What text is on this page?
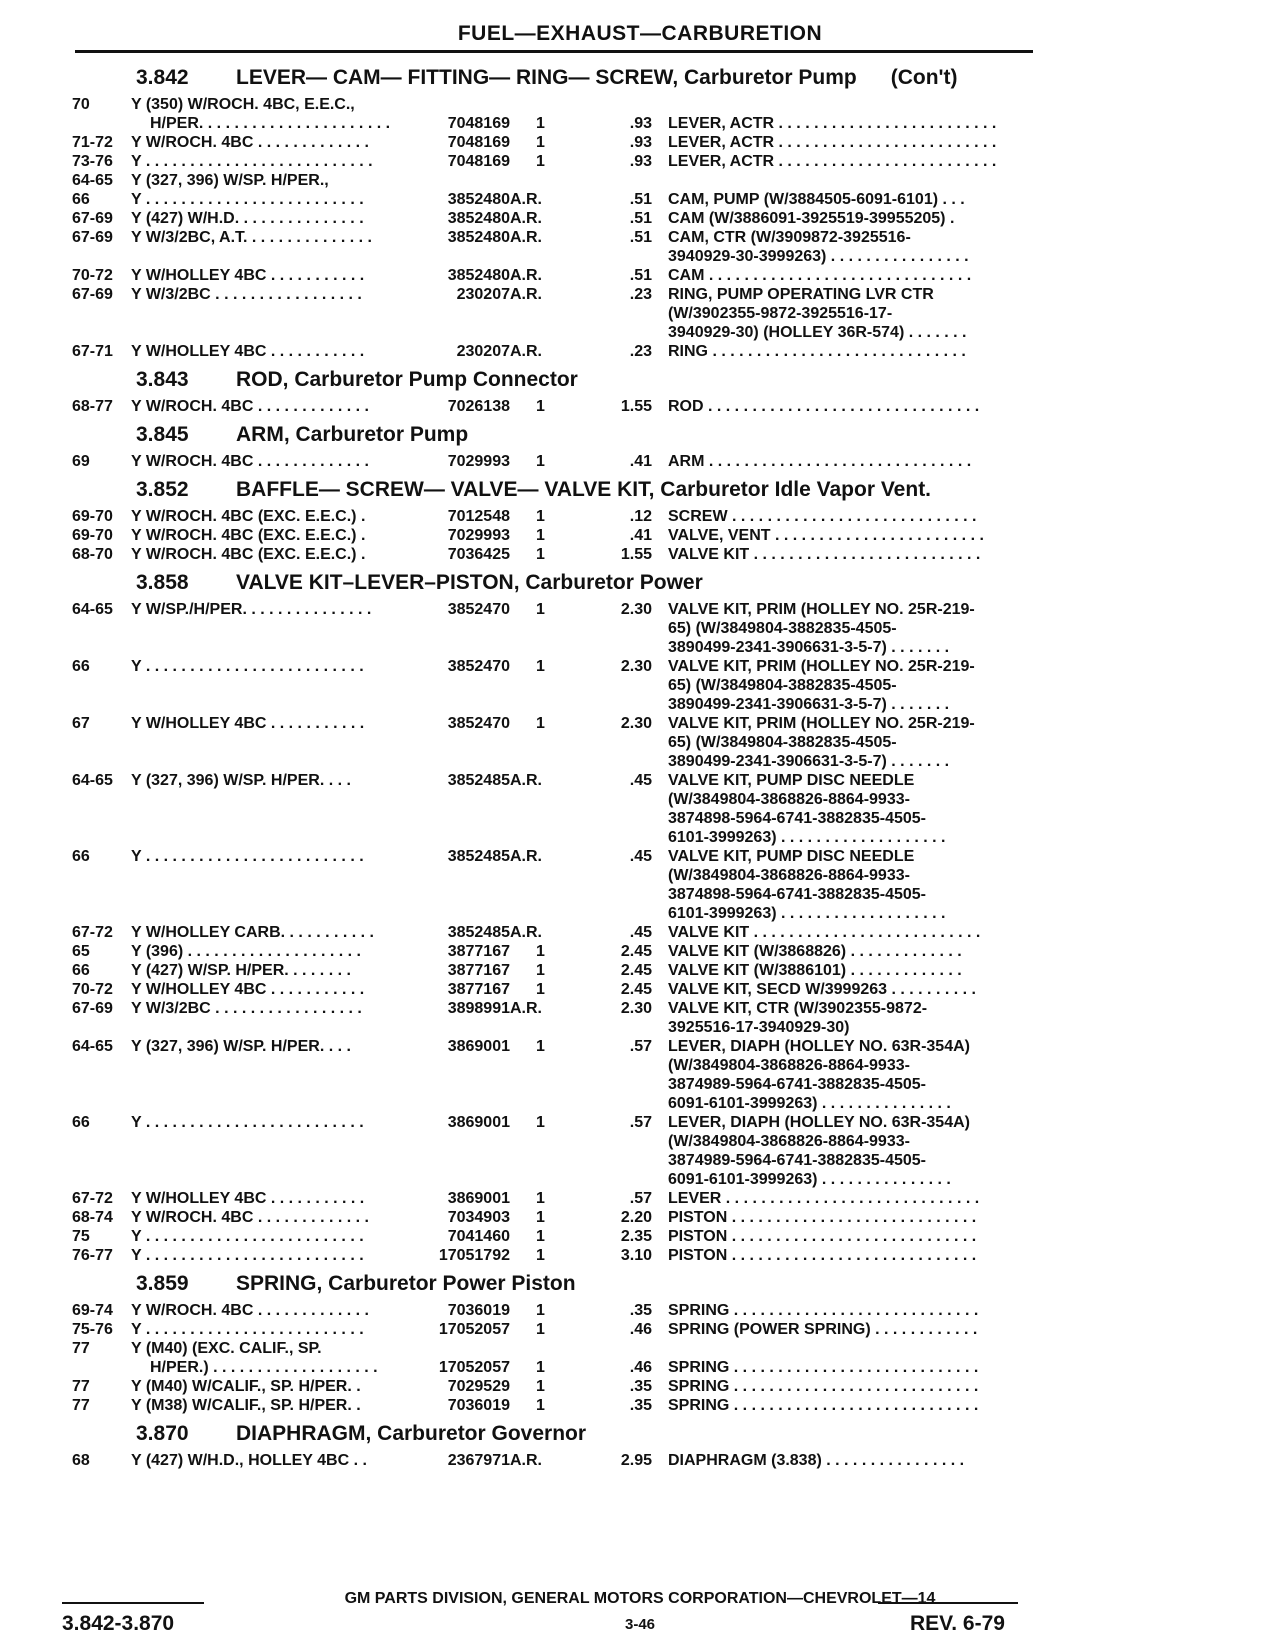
FUEL—EXHAUST—CARBURETION
3.842 LEVER— CAM— FITTING— RING— SCREW, Carburetor Pump (Con't)
70	Y (350) W/ROCH. 4BC, E.E.C.,
H/PER. . . . . . . . . . . . . . . . . . . . . .	7048169 1	.93 LEVER, ACTR . . . . . . . . . . . . . . . . . . . . . . . . .
71-72 Y W/ROCH. 4BC . . . . . . . . . . . . .	7048169 1	.93 LEVER, ACTR . . . . . . . . . . . . . . . . . . . . . . . . .
73-76 Y . . . . . . . . . . . . . . . . . . . . . . . . . .	7048169 1	.93 LEVER, ACTR . . . . . . . . . . . . . . . . . . . . . . . . .
64-65 Y (327, 396) W/SP. H/PER.,
66	Y . . . . . . . . . . . . . . . . . . . . . . . . .	3852480 A.R.	.51 CAM, PUMP (W/3884505-6091-6101) . . .
67-69 Y (427) W/H.D. . . . . . . . . . . . . . .	3852480 A.R.	.51 CAM (W/3886091-3925519-39955205) .
67-69 Y W/3/2BC, A.T. . . . . . . . . . . . . . .	3852480 A.R.	.51 CAM, CTR (W/3909872-3925516-
3940929-30-3999263) . . . . . . . . . . . . . . . .
70-72 Y W/HOLLEY 4BC . . . . . . . . . . .	3852480 A.R.	.51 CAM . . . . . . . . . . . . . . . . . . . . . . . . . . . . . .
67-69 Y W/3/2BC . . . . . . . . . . . . . . . . .	230207 A.R.	.23 RING, PUMP OPERATING LVR CTR
(W/3902355-9872-3925516-17-
3940929-30) (HOLLEY 36R-574) . . . . . . .
67-71 Y W/HOLLEY 4BC . . . . . . . . . . .	230207 A.R.	.23 RING . . . . . . . . . . . . . . . . . . . . . . . . . . . . .
3.843 ROD, Carburetor Pump Connector
68-77 Y W/ROCH. 4BC . . . . . . . . . . . . .	7026138 1	1.55 ROD . . . . . . . . . . . . . . . . . . . . . . . . . . . . . . .
3.845 ARM, Carburetor Pump
69	Y W/ROCH. 4BC . . . . . . . . . . . . .	7029993 1	.41 ARM . . . . . . . . . . . . . . . . . . . . . . . . . . . . . .
3.852 BAFFLE— SCREW— VALVE— VALVE KIT, Carburetor Idle Vapor Vent.
69-70 Y W/ROCH. 4BC (EXC. E.E.C.) .	7012548 1	.12 SCREW . . . . . . . . . . . . . . . . . . . . . . . . . . . .
69-70 Y W/ROCH. 4BC (EXC. E.E.C.) .	7029993 1	.41 VALVE, VENT . . . . . . . . . . . . . . . . . . . . . . . .
68-70 Y W/ROCH. 4BC (EXC. E.E.C.) .	7036425 1	1.55 VALVE KIT . . . . . . . . . . . . . . . . . . . . . . . . . .
3.858 VALVE KIT–LEVER–PISTON, Carburetor Power
64-65 Y W/SP./H/PER. . . . . . . . . . . . . . .	3852470 1	2.30 VALVE KIT, PRIM (HOLLEY NO. 25R-219-
65) (W/3849804-3882835-4505-
3890499-2341-3906631-3-5-7) . . . . . . .
66	Y . . . . . . . . . . . . . . . . . . . . . . . . .	3852470 1	2.30 VALVE KIT, PRIM (HOLLEY NO. 25R-219-
65) (W/3849804-3882835-4505-
3890499-2341-3906631-3-5-7) . . . . . . .
67	Y W/HOLLEY 4BC . . . . . . . . . . .	3852470 1	2.30 VALVE KIT, PRIM (HOLLEY NO. 25R-219-
65) (W/3849804-3882835-4505-
3890499-2341-3906631-3-5-7) . . . . . . .
64-65 Y (327, 396) W/SP. H/PER. . . .	3852485 A.R.	.45 VALVE KIT, PUMP DISC NEEDLE
(W/3849804-3868826-8864-9933-
3874898-5964-6741-3882835-4505-
6101-3999263) . . . . . . . . . . . . . . . . . . .
66	Y . . . . . . . . . . . . . . . . . . . . . . . . .	3852485 A.R.	.45 VALVE KIT, PUMP DISC NEEDLE
(W/3849804-3868826-8864-9933-
3874898-5964-6741-3882835-4505-
6101-3999263) . . . . . . . . . . . . . . . . . . .
67-72 Y W/HOLLEY CARB. . . . . . . . . . .	3852485 A.R.	.45 VALVE KIT . . . . . . . . . . . . . . . . . . . . . . . . . .
65	Y (396) . . . . . . . . . . . . . . . . . . . .	3877167 1	2.45 VALVE KIT (W/3868826) . . . . . . . . . . . . .
66	Y (427) W/SP. H/PER. . . . . . . .	3877167 1	2.45 VALVE KIT (W/3886101) . . . . . . . . . . . . .
70-72 Y W/HOLLEY 4BC . . . . . . . . . . .	3877167 1	2.45 VALVE KIT, SECD W/3999263 . . . . . . . . . .
67-69 Y W/3/2BC . . . . . . . . . . . . . . . . .	3898991 A.R.	2.30 VALVE KIT, CTR (W/3902355-9872-
3925516-17-3940929-30)
64-65 Y (327, 396) W/SP. H/PER. . . .	3869001 1	.57 LEVER, DIAPH (HOLLEY NO. 63R-354A)
(W/3849804-3868826-8864-9933-
3874989-5964-6741-3882835-4505-
6091-6101-3999263) . . . . . . . . . . . . . . .
66	Y . . . . . . . . . . . . . . . . . . . . . . . . .	3869001 1	.57 LEVER, DIAPH (HOLLEY NO. 63R-354A)
(W/3849804-3868826-8864-9933-
3874989-5964-6741-3882835-4505-
6091-6101-3999263) . . . . . . . . . . . . . . .
67-72 Y W/HOLLEY 4BC . . . . . . . . . . .	3869001 1	.57 LEVER . . . . . . . . . . . . . . . . . . . . . . . . . . . . .
68-74 Y W/ROCH. 4BC . . . . . . . . . . . . .	7034903 1	2.20 PISTON . . . . . . . . . . . . . . . . . . . . . . . . . . . .
75	Y . . . . . . . . . . . . . . . . . . . . . . . . .	7041460 1	2.35 PISTON . . . . . . . . . . . . . . . . . . . . . . . . . . . .
76-77 Y . . . . . . . . . . . . . . . . . . . . . . . . .	17051792 1	3.10 PISTON . . . . . . . . . . . . . . . . . . . . . . . . . . . .
3.859 SPRING, Carburetor Power Piston
69-74 Y W/ROCH. 4BC . . . . . . . . . . . . .	7036019 1	.35 SPRING . . . . . . . . . . . . . . . . . . . . . . . . . . . .
75-76 Y . . . . . . . . . . . . . . . . . . . . . . . . .	17052057 1	.46 SPRING (POWER SPRING) . . . . . . . . . . . .
77	Y (M40) (EXC. CALIF., SP.
H/PER.) . . . . . . . . . . . . . . . . . . .	17052057 1	.46 SPRING . . . . . . . . . . . . . . . . . . . . . . . . . . . .
77	Y (M40) W/CALIF., SP. H/PER. .	7029529 1	.35 SPRING . . . . . . . . . . . . . . . . . . . . . . . . . . . .
77	Y (M38) W/CALIF., SP. H/PER. .	7036019 1	.35 SPRING . . . . . . . . . . . . . . . . . . . . . . . . . . . .
3.870 DIAPHRAGM, Carburetor Governor
68	Y (427) W/H.D., HOLLEY 4BC . .	2367971 A.R.	2.95 DIAPHRAGM (3.838) . . . . . . . . . . . . . . . .
GM PARTS DIVISION, GENERAL MOTORS CORPORATION—CHEVROLET—14
3.842-3.870	3-46	REV. 6-79
